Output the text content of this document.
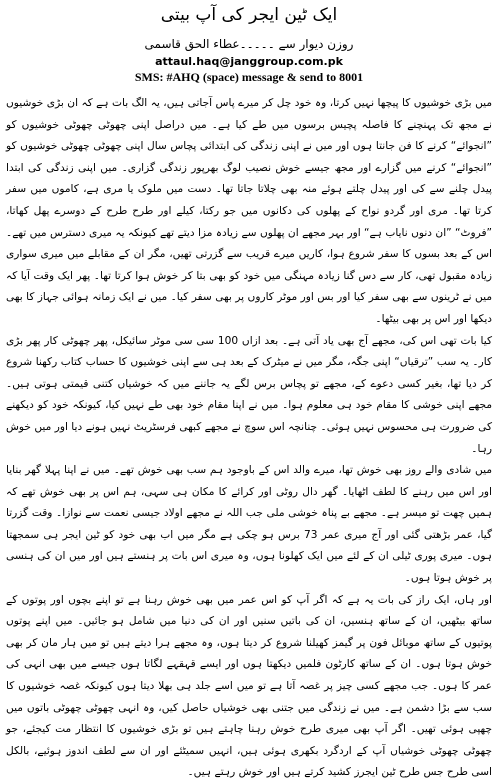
ایک ٹین ایجر کی آپ بیتی
روزن دیوار سے ۔۔۔۔۔عطاء الحق قاسمی
attaul.haq@janggroup.com.pk
SMS: #AHQ (space) message & send to 8001

میں بڑی خوشیوں کا پیچھا نہیں کرتا، وہ خود چل کر میرے پاس آجاتی ہیں، یہ الگ بات ہے کہ ان بڑی خوشیوں نے مجھ تک پہنچنے کا فاصلہ پچیس برسوں میں طے کیا ہے۔ میں دراصل اپنی چھوٹی چھوٹی خوشیوں کو ”انجوائے“ کرنے کا فن جانتا ہوں اور میں نے اپنی زندگی کی ابتدائی پچاس سال اپنی چھوٹی چھوٹی خوشیوں کو ”انجوائے“ کرنے میں گزارے اور مجھ جیسے خوش نصیب لوگ بھرپور زندگی گزاری۔ میں اپنی زندگی کی ابتدا پیدل چلنے سے کی اور پیدل چلتے ہوئے منہ بھی چلاتا جاتا تھا۔ دست میں ملوک یا مری ہے، کاموں میں سفر کرتا تھا۔ مری اور گردو نواح کے پھلوں کی دکانوں میں جو رکتا، کیلے اور طرح طرح کے دوسرے پھل کھاتا، ”فروٹ“ ”ان دنوں نایاب ہے“ اور بہر مجھے ان پھلوں سے زیادہ مزا دیتے تھے کیونکہ یہ میری دسترس میں تھے۔ اس کے بعد بسوں کا سفر شروع ہوا، کاریں میرے قریب سے گزرتی تھیں، مگر ان کے مقابلے میں میری سواری زیادہ مقبول تھی، کار سے دس گنا زیادہ مہنگی میں خود کو بھی بتا کر خوش ہوا کرتا تھا۔ پھر ایک وقت آیا کہ میں نے ٹرینوں سے بھی سفر کیا اور بس اور موٹر کاروں پر بھی سفر کیا۔ میں نے ایک زمانہ ہوائی جہاز کا بھی دیکھا اور اس پر بھی بیٹھا۔

کیا بات تھی اس کی، مجھے آج بھی یاد آتی ہے۔ بعد ازاں 100 سی سی موٹر سائیکل، پھر چھوٹی کار پھر بڑی کار۔ یہ سب ”ترقیاں“ اپنی جگہ، مگر میں نے میٹرک کے بعد ہی سے اپنی خوشیوں کا حساب کتاب رکھنا شروع کر دیا تھا، بغیر کسی دعوے کے، مجھے تو پچاس برس لگے یہ جاننے میں کہ خوشیاں کتنی قیمتی ہوتی ہیں۔ مجھے اپنی خوشی کا مقام خود ہی معلوم ہوا۔ میں نے اپنا مقام خود بھی طے نہیں کیا، کیونکہ خود کو دیکھنے کی ضرورت ہی محسوس نہیں ہوئی۔ چنانچہ اس سوچ نے مجھے کبھی فرسٹریٹ نہیں ہونے دیا اور میں خوش رہا۔

میں شادی والے روز بھی خوش تھا، میرے والد اس کے باوجود ہم سب بھی خوش تھے۔ میں نے اپنا پہلا گھر بنایا اور اس میں رہنے کا لطف اٹھایا۔ گھر دال روٹی اور کرائے کا مکان ہی سہی، ہم اس پر بھی خوش تھے کہ ہمیں چھت تو میسر ہے۔ مجھے بے پناہ خوشی ملی جب اللہ نے مجھے اولاد جیسی نعمت سے نوازا۔ وقت گزرتا گیا، عمر بڑھتی گئی اور آج میری عمر 73 برس ہو چکی ہے مگر میں اب بھی خود کو ٹین ایجر ہی سمجھتا ہوں۔ میری پوری ٹیلی ان کے لئے میں ایک کھلونا ہوں، وہ میری اس بات پر ہنستے ہیں اور میں ان کی ہنسی پر خوش ہوتا ہوں۔

اور ہاں، ایک راز کی بات یہ ہے کہ اگر آپ کو اس عمر میں بھی خوش رہنا ہے تو اپنے بچوں اور پوتوں کے ساتھ بیٹھیں، ان کے ساتھ ہنسیں، ان کی باتیں سنیں اور ان کی دنیا میں شامل ہو جائیں۔ میں اپنے پوتوں پوتیوں کے ساتھ موبائل فون پر گیمز کھیلنا شروع کر دیتا ہوں، وہ مجھے ہرا دیتے ہیں تو میں ہار مان کر بھی خوش ہوتا ہوں۔ ان کے ساتھ کارٹون فلمیں دیکھتا ہوں اور ایسے قہقہے لگاتا ہوں جیسے میں بھی انہی کی عمر کا ہوں۔ جب مجھے کسی چیز پر غصہ آتا ہے تو میں اسے جلد ہی بھلا دیتا ہوں کیونکہ غصہ خوشیوں کا سب سے بڑا دشمن ہے۔ میں نے زندگی میں جتنی بھی خوشیاں حاصل کیں، وہ انہی چھوٹی چھوٹی باتوں میں چھپی ہوئی تھیں۔ اگر آپ بھی میری طرح خوش رہنا چاہتے ہیں تو بڑی خوشیوں کا انتظار مت کیجئے، جو چھوٹی چھوٹی خوشیاں آپ کے اردگرد بکھری ہوئی ہیں، انہیں سمیٹئے اور ان سے لطف اندوز ہوئیے، بالکل اسی طرح جس طرح ٹین ایجرز کشید کرتے ہیں اور خوش رہتے ہیں۔
